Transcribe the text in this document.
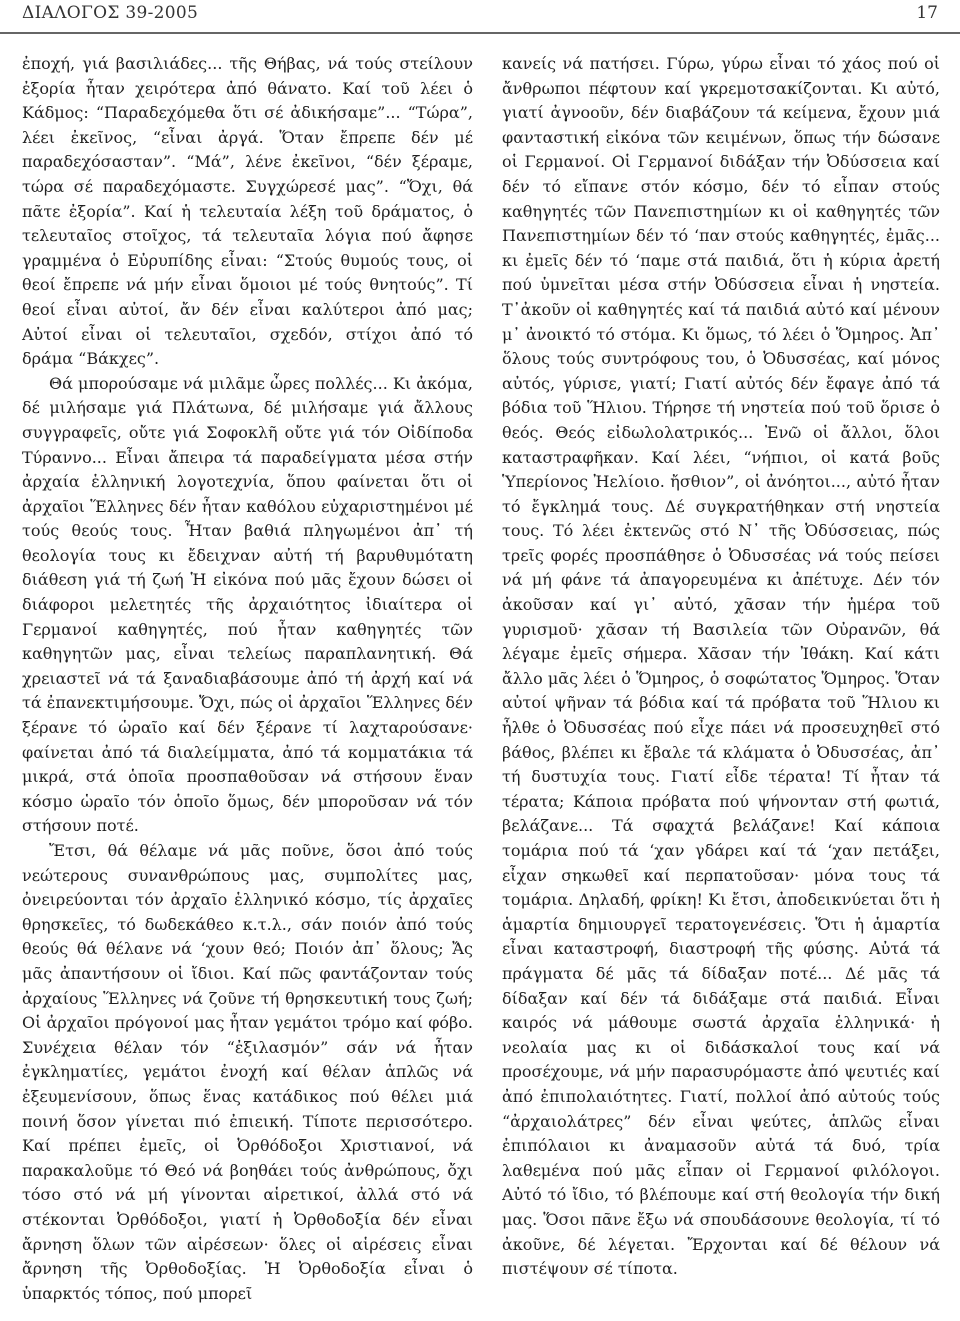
ΔΙΑΛΟΓΟΣ 39-2005	17

ἐποχή, γιά βασιλιάδες... τῆς Θήβας, νά τούς στείλουν ἐξορία ἦταν χειρότερα ἀπό θάνατο. Καί τοῦ λέει ὁ Κάδμος: “Παραδεχόμεθα ὅτι σέ ἀδικήσαμε”... “Τώρα”, λέει ἐκεῖνος, “εἶναι ἀργά. Ὅταν ἔπρεπε δέν μέ παραδεχόσασταν”. “Μά”, λένε ἐκεῖνοι, “δέν ξέραμε, τώρα σέ παραδεχόμαστε. Συγχώρεσέ μας”. “Ὄχι, θά πᾶτε ἐξορία”. Καί ἡ τελευταία λέξη τοῦ δράματος, ὁ τελευταῖος στοῖχος, τά τελευταῖα λόγια πού ἄφησε γραμμένα ὁ Εὐρυπίδης εἶναι: “Στούς θυμούς τους, οἱ θεοί ἔπρεπε νά μήν εἶναι ὅμοιοι μέ τούς θνητούς”. Τί θεοί εἶναι αὐτοί, ἄν δέν εἶναι καλύτεροι ἀπό μας; Αὐτοί εἶναι οἱ τελευταῖοι, σχεδόν, στίχοι ἀπό τό δράμα “Βάκχες”.

Θά μπορούσαμε νά μιλᾶμε ὧρες πολλές... Κι ἀκόμα, δέ μιλήσαμε γιά Πλάτωνα, δέ μιλήσαμε γιά ἄλλους συγγραφεῖς, οὔτε γιά Σοφοκλῆ οὔτε γιά τόν Οἰδίποδα Τύραννο... Εἶναι ἄπειρα τά παραδείγματα μέσα στήν ἀρχαία ἑλληνική λογοτεχνία, ὅπου φαίνεται ὅτι οἱ ἀρχαῖοι Ἕλληνες δέν ἦταν καθόλου εὐχαριστημένοι μέ τούς θεούς τους. Ἦταν βαθιά πληγωμένοι ἀπ᾽ τή θεολογία τους κι ἔδειχναν αὐτή τή βαρυθυμότατη διάθεση γιά τή ζωή Ἡ εἰκόνα πού μᾶς ἔχουν δώσει οἱ διάφοροι μελετητές τῆς ἀρχαιότητος ἰδιαίτερα οἱ Γερμανοί καθηγητές, πού ἦταν καθηγητές τῶν καθηγητῶν μας, εἶναι τελείως παραπλανητική. Θά χρειαστεῖ νά τά ξαναδιαβάσουμε ἀπό τή ἀρχή καί νά τά ἐπανεκτιμήσουμε. Ὄχι, πώς οἱ ἀρχαῖοι Ἕλληνες δέν ξέρανε τό ὡραῖο καί δέν ξέρανε τί λαχταρούσανε· φαίνεται ἀπό τά διαλείμματα, ἀπό τά κομματάκια τά μικρά, στά ὁποῖα προσπαθοῦσαν νά στήσουν ἕναν κόσμο ὡραῖο τόν ὁποῖο ὅμως, δέν μποροῦσαν νά τόν στήσουν ποτέ.

Ἔτσι, θά θέλαμε νά μᾶς ποῦνε, ὅσοι ἀπό τούς νεώτερους συνανθρώπους μας, συμπολίτες μας, ὀνειρεύονται τόν ἀρχαῖο ἑλληνικό κόσμο, τίς ἀρχαῖες θρησκεῖες, τό δωδεκάθεο κ.τ.λ., σάν ποιόν ἀπό τούς θεούς θά θέλανε νά ‘χουν θεό; Ποιόν ἀπ᾽ ὅλους; Ἄς μᾶς ἀπαντήσουν οἱ ἴδιοι. Καί πῶς φαντάζονταν τούς ἀρχαίους Ἕλληνες νά ζοῦνε τή θρησκευτική τους ζωή; Οἱ ἀρχαῖοι πρόγονοί μας ἦταν γεμάτοι τρόμο καί φόβο. Συνέχεια θέλαν τόν “ἐξιλασμόν” σάν νά ἦταν ἐγκληματίες, γεμάτοι ἐνοχή καί θέλαν ἁπλῶς νά ἐξευμενίσουν, ὅπως ἕνας κατάδικος πού θέλει μιά ποινή ὅσον γίνεται πιό ἐπιεική. Τίποτε περισσότερο. Καί πρέπει ἐμεῖς, οἱ Ὀρθόδοξοι Χριστιανοί, νά παρακαλοῦμε τό Θεό νά βοηθάει τούς ἀνθρώπους, ὄχι τόσο στό νά μή γίνονται αἱρετικοί, ἀλλά στό νά στέκονται Ὀρθόδοξοι, γιατί ἡ Ὀρθοδοξία δέν εἶναι ἄρνηση ὅλων τῶν αἱρέσεων· ὅλες οἱ αἱρέσεις εἶναι ἄρνηση τῆς Ὀρθοδοξίας. Ἡ Ὀρθοδοξία εἶναι ὁ ὑπαρκτός τόπος, πού μπορεῖ

κανείς νά πατήσει. Γύρω, γύρω εἶναι τό χάος πού οἱ ἄνθρωποι πέφτουν καί γκρεμοτσακίζονται. Κι αὐτό, γιατί ἀγνοοῦν, δέν διαβάζουν τά κείμενα, ἔχουν μιά φανταστική εἰκόνα τῶν κειμένων, ὅπως τήν δώσανε οἱ Γερμανοί. Οἱ Γερμανοί διδάξαν τήν Ὀδύσσεια καί δέν τό εἴπανε στόν κόσμο, δέν τό εἶπαν στούς καθηγητές τῶν Πανεπιστημίων κι οἱ καθηγητές τῶν Πανεπιστημίων δέν τό ‘παν στούς καθηγητές, ἐμᾶς... κι ἐμεῖς δέν τό ‘παμε στά παιδιά, ὅτι ἡ κύρια ἀρετή πού ὑμνεῖται μέσα στήν Ὀδύσσεια εἶναι ἡ νηστεία. Τ᾽ἀκοῦν οἱ καθηγητές καί τά παιδιά αὐτό καί μένουν μ᾽ ἀνοικτό τό στόμα. Κι ὅμως, τό λέει ὁ Ὅμηρος. Ἀπ᾽ ὅλους τούς συντρόφους του, ὁ Ὀδυσσέας, καί μόνος αὐτός, γύρισε, γιατί; Γιατί αὐτός δέν ἔφαγε ἀπό τά βόδια τοῦ Ἥλιου. Τήρησε τή νηστεία πού τοῦ ὅρισε ὁ θεός. Θεός εἰδωλολατρικός... Ἐνῶ οἱ ἄλλοι, ὅλοι καταστραφῆκαν. Καί λέει, “νήπιοι, οἱ κατά βοῦς Ὑπερίονος Ἠελίοιο. ἤσθιον”, οἱ ἀνόητοι..., αὐτό ἦταν τό ἔγκλημά τους. Δέ συγκρατήθηκαν στή νηστεία τους. Τό λέει ἐκτενῶς στό Ν᾽ τῆς Ὀδύσσειας, πώς τρεῖς φορές προσπάθησε ὁ Ὀδυσσέας νά τούς πείσει νά μή φάνε τά ἀπαγορευμένα κι ἀπέτυχε. Δέν τόν ἀκοῦσαν καί γι᾽ αὐτό, χᾶσαν τήν ἡμέρα τοῦ γυρισμοῦ· χᾶσαν τή Βασιλεία τῶν Οὐρανῶν, θά λέγαμε ἐμεῖς σήμερα. Χᾶσαν τήν Ἰθάκη. Καί κάτι ἄλλο μᾶς λέει ὁ Ὅμηρος, ὁ σοφώτατος Ὅμηρος. Ὅταν αὐτοί ψῆναν τά βόδια καί τά πρόβατα τοῦ Ἥλιου κι ἦλθε ὁ Ὀδυσσέας πού εἶχε πάει νά προσευχηθεῖ στό βάθος, βλέπει κι ἔβαλε τά κλάματα ὁ Ὀδυσσέας, ἀπ᾽ τή δυστυχία τους. Γιατί εἶδε τέρατα! Τί ἦταν τά τέρατα; Κάποια πρόβατα πού ψήνονταν στή φωτιά, βελάζανε... Τά σφαχτά βελάζανε! Καί κάποια τομάρια πού τά ‘χαν γδάρει καί τά ‘χαν πετάξει, εἶχαν σηκωθεῖ καί περπατοῦσαν· μόνα τους τά τομάρια. Δηλαδή, φρίκη! Κι ἔτσι, ἀποδεικνύεται ὅτι ἡ ἁμαρτία δημιουργεῖ τερατογενέσεις. Ὅτι ἡ ἁμαρτία εἶναι καταστροφή, διαστροφή τῆς φύσης. Αὐτά τά πράγματα δέ μᾶς τά δίδαξαν ποτέ... Δέ μᾶς τά δίδαξαν καί δέν τά διδάξαμε στά παιδιά. Εἶναι καιρός νά μάθουμε σωστά ἀρχαῖα ἑλληνικά· ἡ νεολαία μας κι οἱ διδάσκαλοί τους καί νά προσέχουμε, νά μήν παρασυρόμαστε ἀπό ψευτιές καί ἀπό ἐπιπολαιότητες. Γιατί, πολλοί ἀπό αὐτούς τούς “ἀρχαιολάτρες” δέν εἶναι ψεύτες, ἁπλῶς εἶναι ἐπιπόλαιοι κι ἀναμασοῦν αὐτά τά δυό, τρία λαθεμένα πού μᾶς εἶπαν οἱ Γερμανοί φιλόλογοι. Αὐτό τό ἴδιο, τό βλέπουμε καί στή θεολογία τήν δική μας. Ὅσοι πᾶνε ἔξω νά σπουδάσουνε θεολογία, τί τό ἀκοῦνε, δέ λέγεται. Ἔρχονται καί δέ θέλουν νά πιστέψουν σέ τίποτα.
